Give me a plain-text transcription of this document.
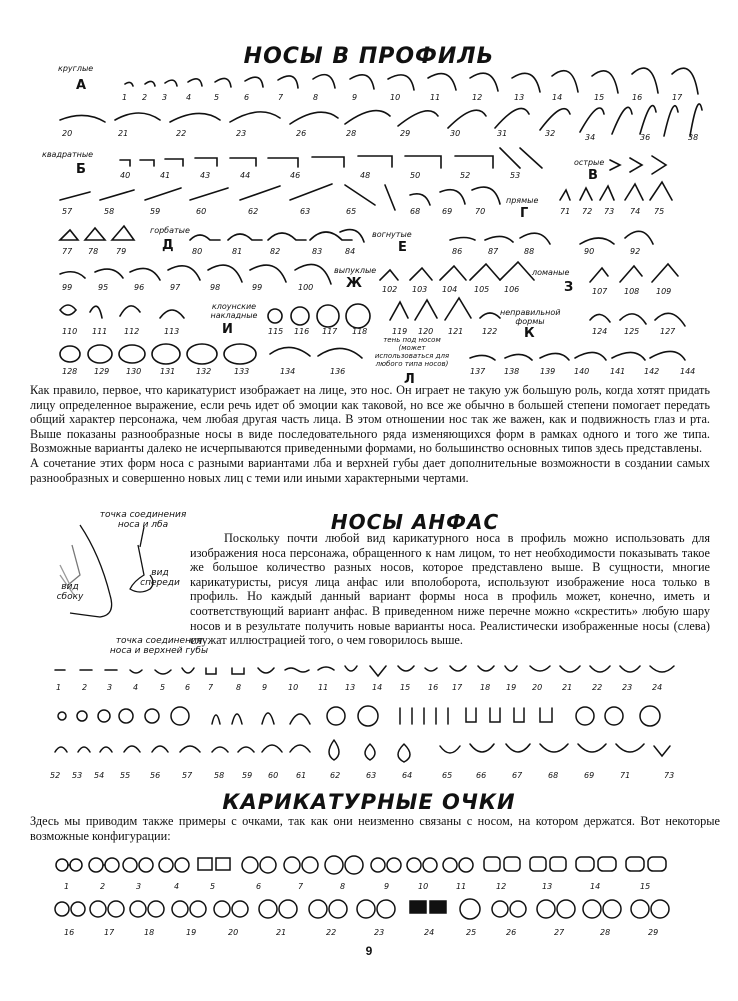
НОСЫ В ПРОФИЛЬ
НОСЫ АНФАС
КАРИКАТУРНЫЕ ОЧКИ
1 2 3 4	5	6	7	8	9	10	11	12	13	14	15	16	17
20	21	22	23	26	28	29	30	31	32	34	36	38
40	41	43	44	46	48	50	52	53
57	58	59	60	62	63	65	68	69	70	71 72 73 74 75
77 78 79	80	81	82	83	84	86	87	88	90	92
99	95	96	97	98	99	100	102 103 104 105 106	107 108 109
110 111 112	113	115 116 117 118	119 120 121 122	124 125	127
128 129 130 131	132	133	134	136	137 138	139 140	141 142	144
круглые
А
квадратные
Б	острые
В
прямые
Г
горбатые
Д
вогнутые
Е
выпуклые
Ж
ломаные
З
клоунские накладные
И
неправильной формы
К
тень под носом (может использоваться для любого типа носов)
Л
Как правило, первое, что карикатурист изображает на лице, это нос. Он играет не такую уж большую роль, когда хотят придать лицу определенное выражение, если речь идет об эмоции как таковой, но все же обычно в большей степени помогает передать общий характер персонажа, чем любая другая часть лица. В этом отношении нос так же важен, как и подвижность глаз и рта. Выше показаны разнообразные носы в виде последовательного ряда изменяющихся форм в рамках одного и того же типа. Возможные варианты далеко не исчерпываются приведенными формами, но большинство основных типов здесь представлены.
А сочетание этих форм носа с разными вариантами лба и верхней губы дает дополнительные возможности в создании самых разнообразных и совершенно новых лиц с теми или иными характерными чертами.
точка соединения носа и лба
вид сбоку
вид спереди
точка соединения носа и верхней губы
Поскольку почти любой вид карикатурного носа в профиль можно использовать для изображения носа персонажа, обращенного к нам лицом, то нет необходимости показывать такое же большое количество разных носов, которое представлено выше. В сущности, многие карикатуристы, рисуя лица анфас или вполоборота, используют изображение носа только в профиль. Но каждый данный вариант формы носа в профиль может, конечно, иметь и соответствующий вариант анфас. В приведенном ниже перечне можно «скрестить» любую шару носов и в результате получить новые варианты носа. Реалистически изображенные носы (слева) служат иллюстрацией того, о чем говорилось выше.
1	2 3	4	5 6 7	8	9	10 11 13 14 15 16 17 18 19 20 21 22 23 24
52 53 54 55 56	57	58 59 60 61	62	63	64	65	66	67	68	69	71	73
Здесь мы приводим также примеры с очками, так как они неизменно связаны с носом, на котором держатся. Вот некоторые возможные конфигурации:
1	2	3	4	5	6	7	8	9	10	11	12	13	14	15
16	17	18	19	20	21	22	23	24	25	26	27	28	29
9
